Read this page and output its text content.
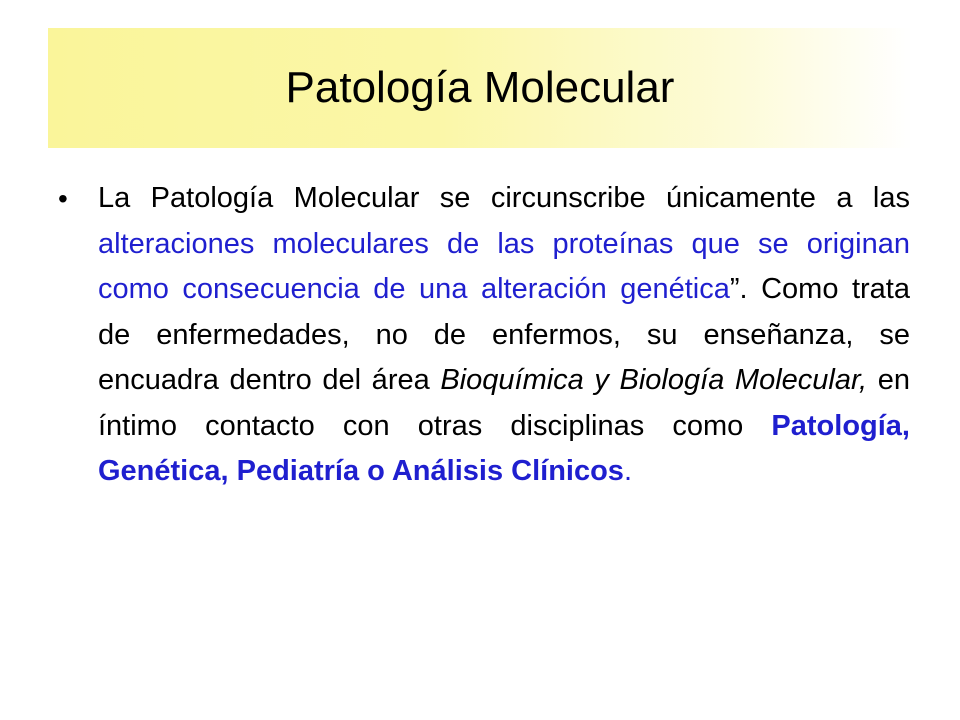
Patología Molecular
• La Patología Molecular se circunscribe únicamente a las alteraciones moleculares de las proteínas que se originan como consecuencia de una alteración genética”. Como trata de enfermedades, no de enfermos, su enseñanza, se encuadra dentro del área Bioquímica y Biología Molecular, en íntimo contacto con otras disciplinas como Patología, Genética, Pediatría o Análisis Clínicos.
